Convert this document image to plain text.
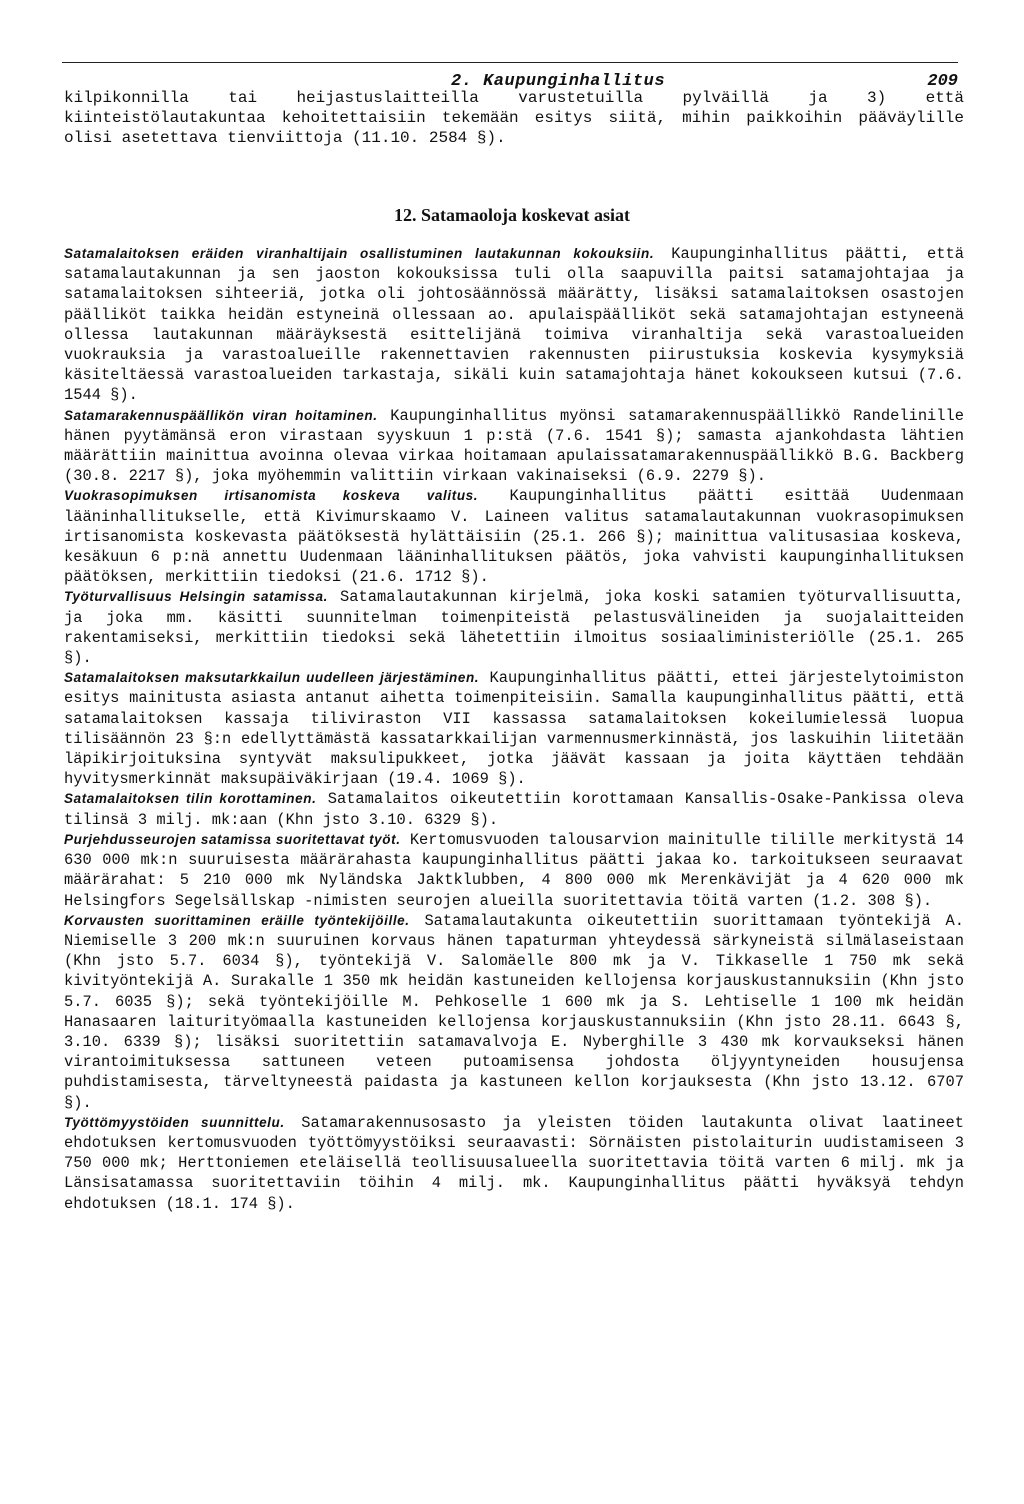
2. Kaupunginhallitus	209
kilpikonnilla tai heijastuslaitteilla varustetuilla pylväillä ja 3) että kiinteistölautakuntaa kehoitettaisiin tekemään esitys siitä, mihin paikkoihin pääväylille olisi asetettava tienviittoja (11.10. 2584 §).
12. Satamaoloja koskevat asiat

Satamalaitoksen eräiden viranhaltijain osallistuminen lautakunnan kokouksiin. Kaupunginhallitus päätti, että satamalautakunnan ja sen jaoston kokouksissa tuli olla saapuvilla paitsi satamajohtajaa ja satamalaitoksen sihteeriä, jotka oli johtosäännössä määrätty, lisäksi satamalaitoksen osastojen päälliköt taikka heidän estyneinä ollessaan ao. apulaispäälliköt sekä satamajohtajan estyneenä ollessa lautakunnan määräyksestä esittelijänä toimiva viranhaltija sekä varastoalueiden vuokrauksia ja varastoalueille rakennettavien rakennusten piirustuksia koskevia kysymyksiä käsiteltäessä varastoalueiden tarkastaja, sikäli kuin satamajohtaja hänet kokoukseen kutsui (7.6. 1544 §).

Satamarakennuspäällikön viran hoitaminen. Kaupunginhallitus myönsi satamarakennuspäällikkö Randelinille hänen pyytämänsä eron virastaan syyskuun 1 p:stä (7.6. 1541 §); samasta ajankohdasta lähtien määrättiin mainittua avoinna olevaa virkaa hoitamaan apulaissatamarakennuspäällikkö B.G. Backberg (30.8. 2217 §), joka myöhemmin valittiin virkaan vakinaiseksi (6.9. 2279 §).

Vuokrasopimuksen irtisanomista koskeva valitus. Kaupunginhallitus päätti esittää Uudenmaan lääninhallitukselle, että Kivimurskaamo V. Laineen valitus satamalautakunnan vuokrasopimuksen irtisanomista koskevasta päätöksestä hylättäisiin (25.1. 266 §); mainittua valitusasiaa koskeva, kesäkuun 6 p:nä annettu Uudenmaan lääninhallituksen päätös, joka vahvisti kaupunginhallituksen päätöksen, merkittiin tiedoksi (21.6. 1712 §).

Työturvallisuus Helsingin satamissa. Satamalautakunnan kirjelmä, joka koski satamien työturvallisuutta, ja joka mm. käsitti suunnitelman toimenpiteistä pelastusvälineiden ja suojalaitteiden rakentamiseksi, merkittiin tiedoksi sekä lähetettiin ilmoitus sosiaaliministeriölle (25.1. 265 §).

Satamalaitoksen maksutarkkailun uudelleen järjestäminen. Kaupunginhallitus päätti, ettei järjestelytoimiston esitys mainitusta asiasta antanut aihetta toimenpiteisiin. Samalla kaupunginhallitus päätti, että satamalaitoksen kassaja tiliviraston VII kassassa satamalaitoksen kokeilumielessä luopua tilisäännön 23 §:n edellyttämästä kassatarkkailijan varmennusmerkinnästä, jos laskuihin liitetään läpikirjoituksina syntyvät maksulipukkeet, jotka jäävät kassaan ja joita käyttäen tehdään hyvitysmerkinnät maksupäiväkirjaan (19.4. 1069 §).

Satamalaitoksen tilin korottaminen. Satamalaitos oikeutettiin korottamaan Kansallis-Osake-Pankissa oleva tilinsä 3 milj. mk:aan (Khn jsto 3.10. 6329 §).

Purjehdusseurojen satamissa suoritettavat työt. Kertomusvuoden talousarvion mainitulle tilille merkitystä 14 630 000 mk:n suuruisesta määrärahasta kaupunginhallitus päätti jakaa ko. tarkoitukseen seuraavat määrärahat: 5 210 000 mk Nyländska Jaktklubben, 4 800 000 mk Merenkävijät ja 4 620 000 mk Helsingfors Segelsällskap -nimisten seurojen alueilla suoritettavia töitä varten (1.2. 308 §).

Korvausten suorittaminen eräille työntekijöille. Satamalautakunta oikeutettiin suorittamaan työntekijä A. Niemiselle 3 200 mk:n suuruinen korvaus hänen tapaturman yhteydessä särkyneistä silmälaseistaan (Khn jsto 5.7. 6034 §), työntekijä V. Salomäelle 800 mk ja V. Tikkaselle 1 750 mk sekä kivityöntekijä A. Surakalle 1 350 mk heidän kastuneiden kellojensa korjauskustannuksiin (Khn jsto 5.7. 6035 §); sekä työntekijöille M. Pehkoselle 1 600 mk ja S. Lehtiselle 1 100 mk heidän Hanasaaren laiturityömaalla kastuneiden kellojensa korjauskustannuksiin (Khn jsto 28.11. 6643 §, 3.10. 6339 §); lisäksi suoritettiin satamavalvoja E. Nyberghille 3 430 mk korvaukseksi hänen virantoimituksessa sattuneen veteen putoamisensa johdosta öljyyntyneiden housujensa puhdistamisesta, tärveltyneestä paidasta ja kastuneen kellon korjauksesta (Khn jsto 13.12. 6707 §).

Työttömyystöiden suunnittelu. Satamarakennusosasto ja yleisten töiden lautakunta olivat laatineet ehdotuksen kertomusvuoden työttömyystöiksi seuraavasti: Sörnäisten pistolaiturin uudistamiseen 3 750 000 mk; Herttoniemen eteläisellä teollisuusalueella suoritettavia töitä varten 6 milj. mk ja Länsisatamassa suoritettaviin töihin 4 milj. mk. Kaupunginhallitus päätti hyväksyä tehdyn ehdotuksen (18.1. 174 §).
